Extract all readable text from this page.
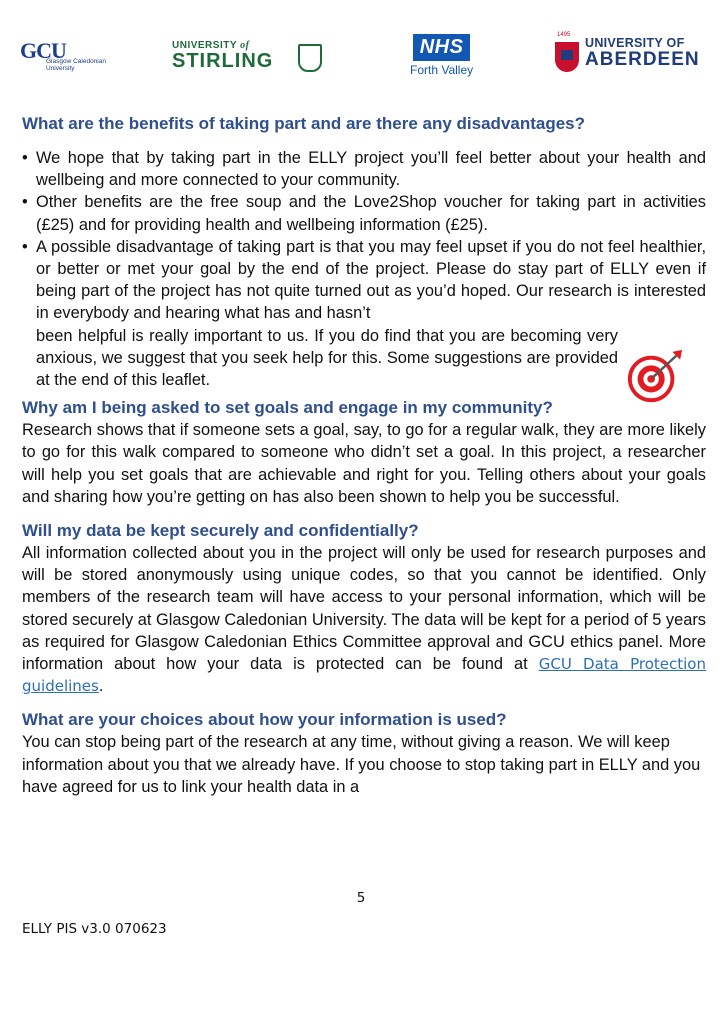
GCU
Glasgow Caledonian
University
UNIVERSITY of
STIRLING
NHS
Forth Valley
1495
UNIVERSITY OF
ABERDEEN
What are the benefits of taking part and are there any disadvantages?
• We hope that by taking part in the ELLY project you’ll feel better about your health and wellbeing and more connected to your community.
• Other benefits are the free soup and the Love2Shop voucher for taking part in activities (£25) and for providing health and wellbeing information (£25).
• A possible disadvantage of taking part is that you may feel upset if you do not feel healthier, or better or met your goal by the end of the project. Please do stay part of ELLY even if being part of the project has not quite turned out as you’d hoped. Our research is interested in everybody and hearing what has and hasn’t
been helpful is really important to us. If you do find that you are becoming very anxious, we suggest that you seek help for this. Some suggestions are provided at the end of this leaflet.
Why am I being asked to set goals and engage in my community?

Research shows that if someone sets a goal, say, to go for a regular walk, they are more likely to go for this walk compared to someone who didn’t set a goal. In this project, a researcher will help you set goals that are achievable and right for you. Telling others about your goals and sharing how you’re getting on has also been shown to help you be successful.

Will my data be kept securely and confidentially?

All information collected about you in the project will only be used for research purposes and will be stored anonymously using unique codes, so that you cannot be identified. Only members of the research team will have access to your personal information, which will be stored securely at Glasgow Caledonian University. The data will be kept for a period of 5 years as required for Glasgow Caledonian Ethics Committee approval and GCU ethics panel. More information about how your data is protected can be found at GCU Data Protection guidelines.

What are your choices about how your information is used?

You can stop being part of the research at any time, without giving a reason. We will keep information about you that we already have. If you choose to stop taking part in ELLY and you have agreed for us to link your health data in a

5
ELLY PIS v3.0 070623
